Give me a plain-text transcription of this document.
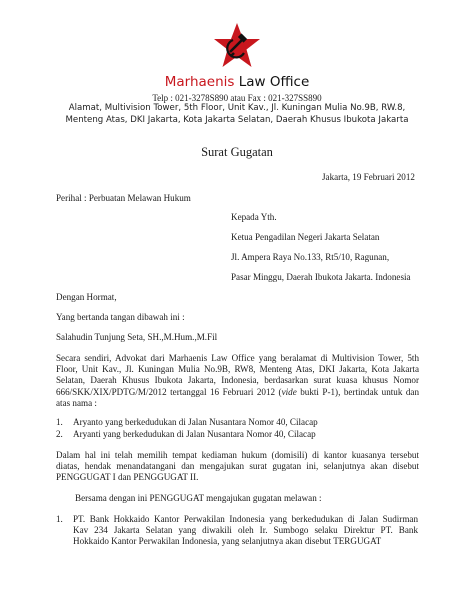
Marhaenis Law Office
Telp : 021-3278S890 atau Fax : 021-327SS890
Alamat, Multivision Tower, 5th Floor, Unit Kav., Jl. Kuningan Mulia No.9B, RW.8,
Menteng Atas, DKI Jakarta, Kota Jakarta Selatan, Daerah Khusus Ibukota Jakarta
Surat Gugatan
Jakarta, 19 Februari 2012
Perihal : Perbuatan Melawan Hukum
Kepada Yth.
Ketua Pengadilan Negeri Jakarta Selatan
Jl. Ampera Raya No.133, Rt5/10, Ragunan,
Pasar Minggu, Daerah Ibukota Jakarta. Indonesia
Dengan Hormat,
Yang bertanda tangan dibawah ini :
Salahudin Tunjung Seta, SH.,M.Hum.,M.Fil
Secara sendiri, Advokat dari Marhaenis Law Office yang beralamat di Multivision Tower, 5th
Floor, Unit Kav., Jl. Kuningan Mulia No.9B, RW8, Menteng Atas, DKI Jakarta, Kota Jakarta
Selatan, Daerah Khusus Ibukota Jakarta, Indonesia, berdasarkan surat kuasa khusus Nomor
666/SKK/XIX/PDTG/M/2012 tertanggal 16 Februari 2012 (vide bukti P-1), bertindak untuk dan
atas nama :
1. Aryanto yang berkedudukan di Jalan Nusantara Nomor 40, Cilacap
2. Aryanti yang berkedudukan di Jalan Nusantara Nomor 40, Cilacap
Dalam hal ini telah memilih tempat kediaman hukum (domisili) di kantor kuasanya tersebut
diatas, hendak menandatangani dan mengajukan surat gugatan ini, selanjutnya akan disebut
PENGGUGAT I dan PENGGUGAT II.
Bersama dengan ini PENGGUGAT mengajukan gugatan melawan :
1. PT. Bank Hokkaido Kantor Perwakilan Indonesia yang berkedudukan di Jalan Sudirman
Kav 234 Jakarta Selatan yang diwakili oleh Ir. Sumbogo selaku Direktur PT. Bank
Hokkaido Kantor Perwakilan Indonesia, yang selanjutnya akan disebut TERGUGAT
